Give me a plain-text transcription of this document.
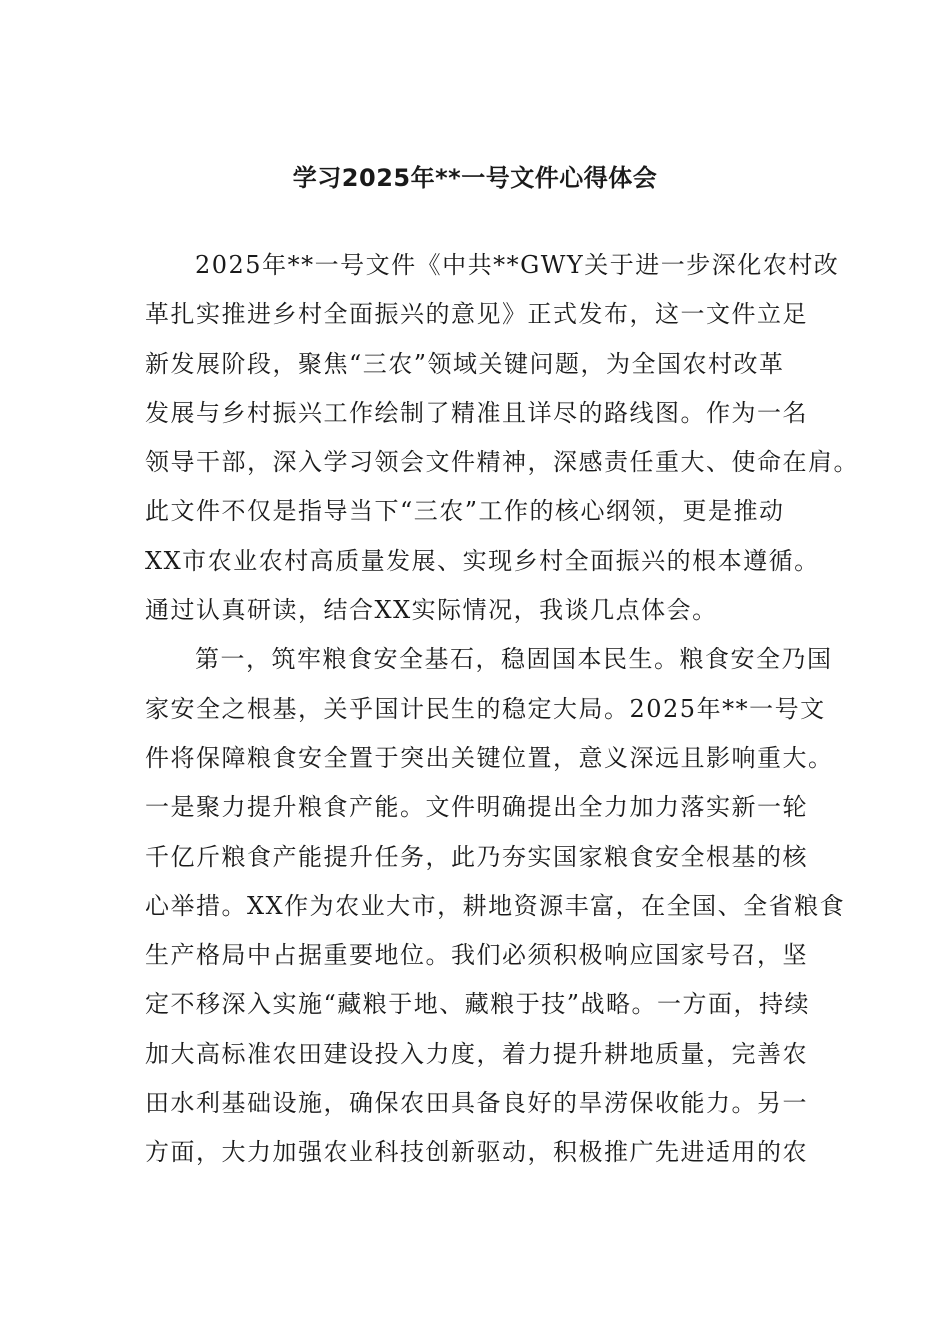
学习2025年**一号文件心得体会
2025年**一号文件《中共**GWY关于进一步深化农村改
革扎实推进乡村全面振兴的意见》正式发布，这一文件立足
新发展阶段，聚焦“三农”领域关键问题，为全国农村改革
发展与乡村振兴工作绘制了精准且详尽的路线图。作为一名
领导干部，深入学习领会文件精神，深感责任重大、使命在肩。
此文件不仅是指导当下“三农”工作的核心纲领，更是推动
XX市农业农村高质量发展、实现乡村全面振兴的根本遵循。
通过认真研读，结合XX实际情况，我谈几点体会。
第一，筑牢粮食安全基石，稳固国本民生。粮食安全乃国
家安全之根基，关乎国计民生的稳定大局。2025年**一号文
件将保障粮食安全置于突出关键位置，意义深远且影响重大。
一是聚力提升粮食产能。文件明确提出全力加力落实新一轮
千亿斤粮食产能提升任务，此乃夯实国家粮食安全根基的核
心举措。XX作为农业大市，耕地资源丰富，在全国、全省粮食
生产格局中占据重要地位。我们必须积极响应国家号召，坚
定不移深入实施“藏粮于地、藏粮于技”战略。一方面，持续
加大高标准农田建设投入力度，着力提升耕地质量，完善农
田水利基础设施，确保农田具备良好的旱涝保收能力。另一
方面，大力加强农业科技创新驱动，积极推广先进适用的农
